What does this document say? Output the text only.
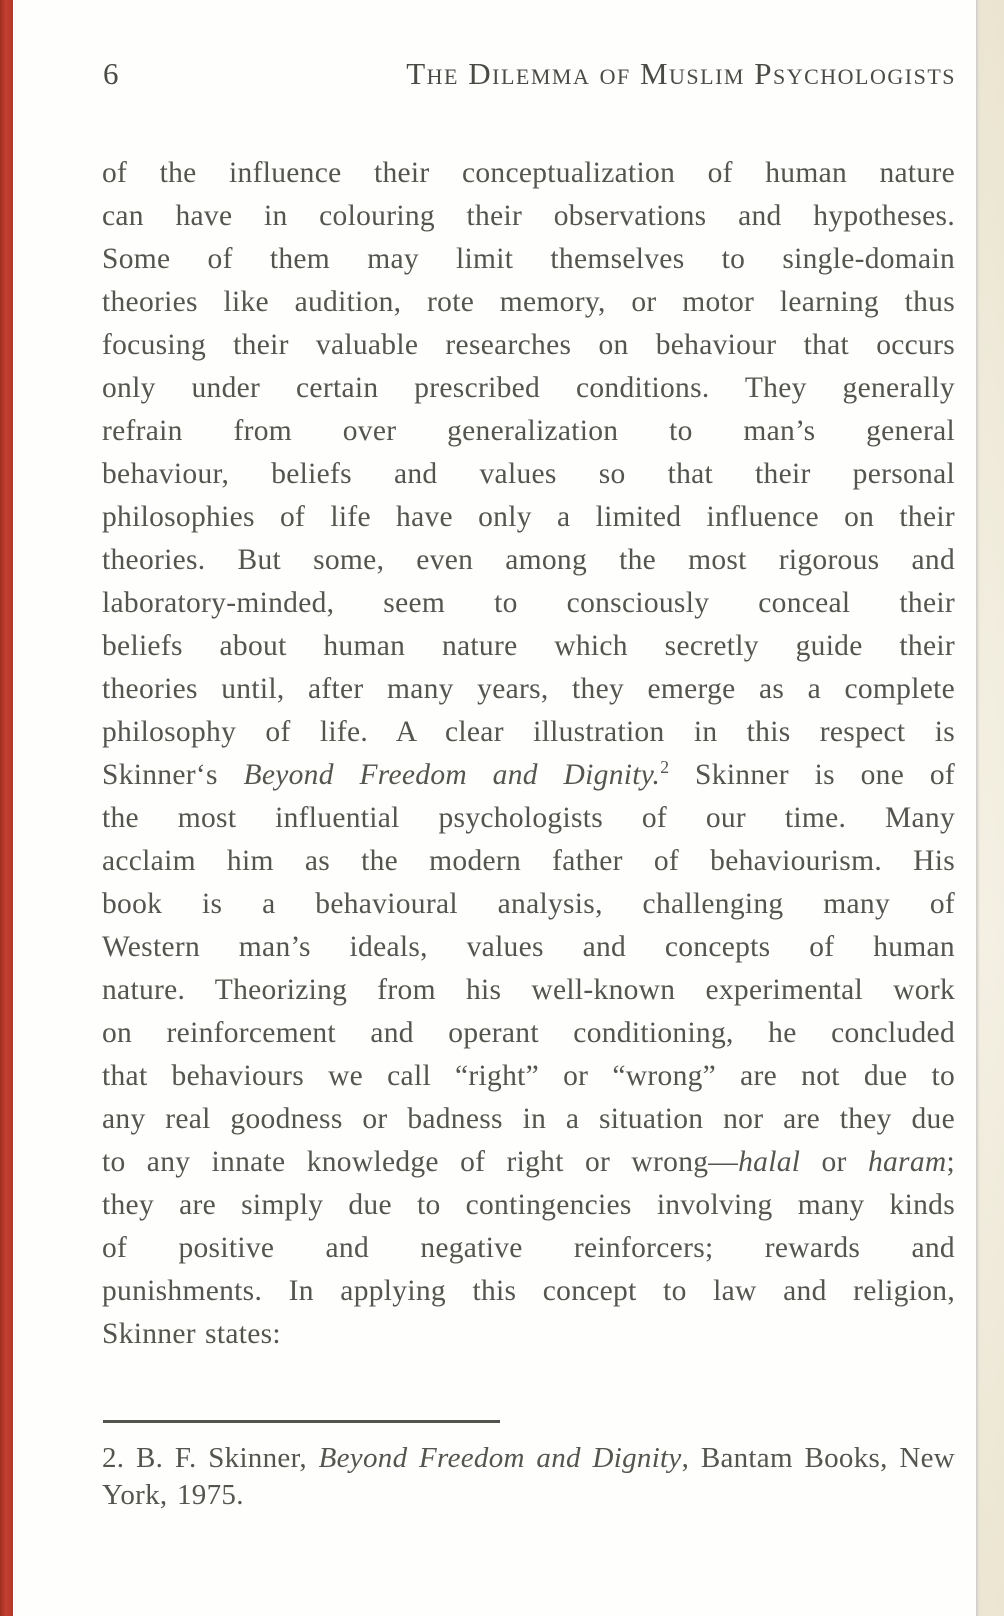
6	The Dilemma of Muslim Psychologists
of the influence their conceptualization of human nature
can have in colouring their observations and hypotheses.
Some of them may limit themselves to single-domain
theories like audition, rote memory, or motor learning thus
focusing their valuable researches on behaviour that occurs
only under certain prescribed conditions. They generally
refrain from over generalization to man’s general
behaviour, beliefs and values so that their personal
philosophies of life have only a limited influence on their
theories. But some, even among the most rigorous and
laboratory-minded, seem to consciously conceal their
beliefs about human nature which secretly guide their
theories until, after many years, they emerge as a complete
philosophy of life. A clear illustration in this respect is
Skinner‘s Beyond Freedom and Dignity.$^2$ Skinner is one of
the most influential psychologists of our time. Many
acclaim him as the modern father of behaviourism. His
book is a behavioural analysis, challenging many of
Western man’s ideals, values and concepts of human
nature. Theorizing from his well-known experimental work
on reinforcement and operant conditioning, he concluded
that behaviours we call “right” or “wrong” are not due to
any real goodness or badness in a situation nor are they due
to any innate knowledge of right or wrong—halal or haram;
they are simply due to contingencies involving many kinds
of positive and negative reinforcers; rewards and
punishments. In applying this concept to law and religion,
Skinner states:
2. B. F. Skinner, Beyond Freedom and Dignity, Bantam Books, New
York, 1975.
